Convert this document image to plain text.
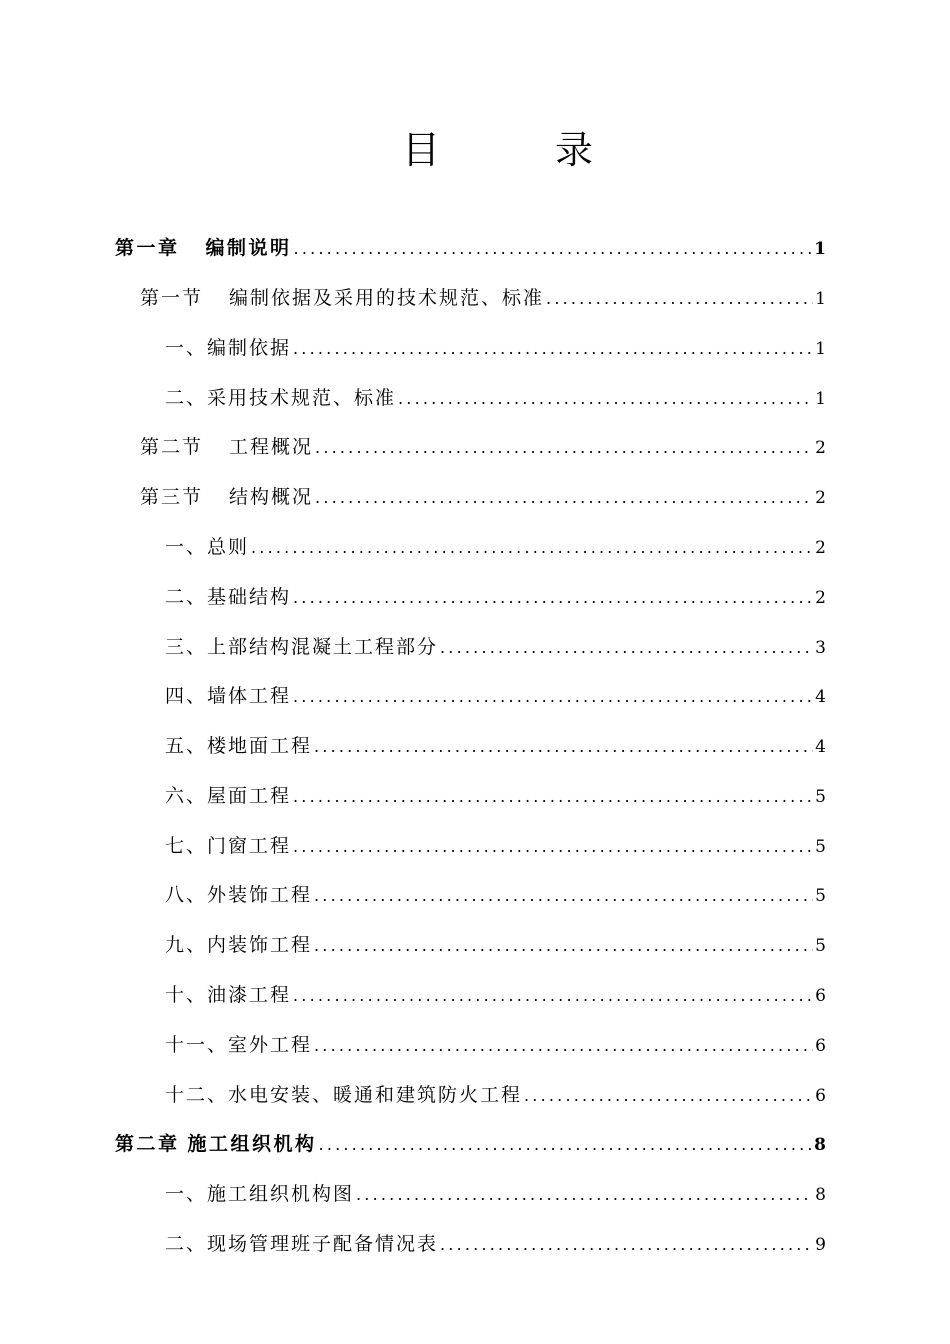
目	录
第一章 编制说明 .....	1
第一节 编制依据及采用的技术规范、标准 .....	1
一、编制依据 .....	1
二、采用技术规范、标准 .....	1
第二节 工程概况 .....	2
第三节 结构概况 .....	2
一、总则 .....	2
二、基础结构 .....	2
三、上部结构混凝土工程部分 .....	3
四、墙体工程 .....	4
五、楼地面工程 .....	4
六、屋面工程 .....	5
七、门窗工程 .....	5
八、外装饰工程 .....	5
九、内装饰工程 .....	5
十、油漆工程 .....	6
十一、室外工程 .....	6
十二、水电安装、暖通和建筑防火工程 .....	6
第二章 施工组织机构 .....	8
一、施工组织机构图 .....	8
二、现场管理班子配备情况表 .....	9
